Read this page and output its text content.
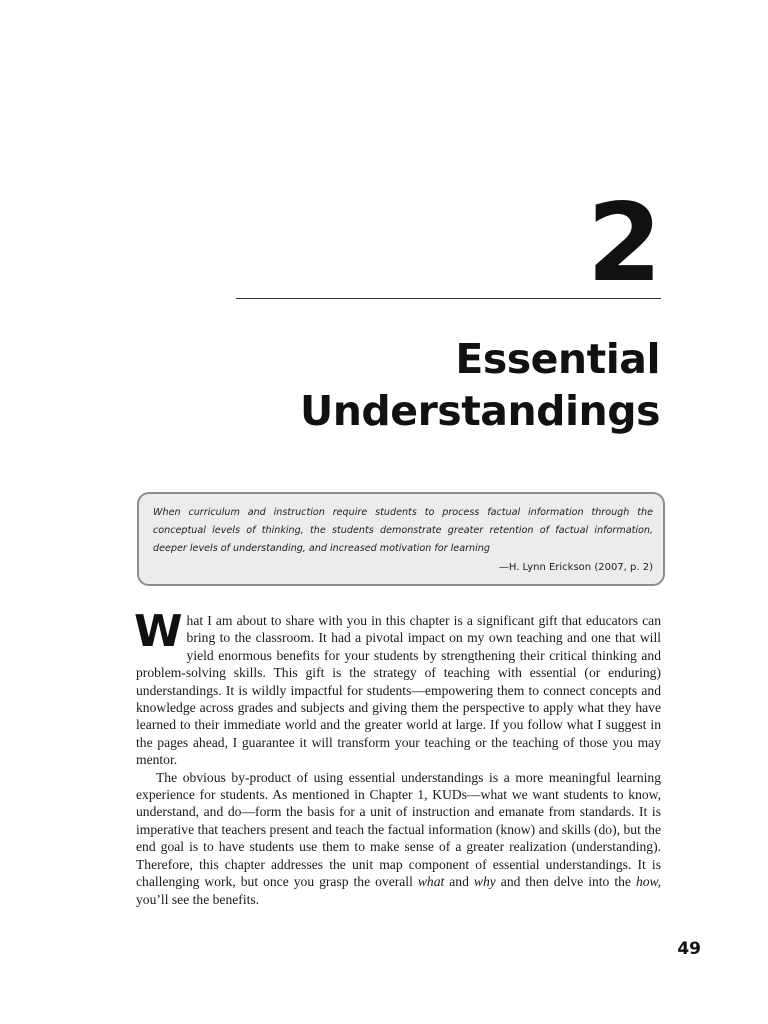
2
Essential
Understandings

When curriculum and instruction require students to process factual information through the conceptual levels of thinking, the students demonstrate greater retention of factual information, deeper levels of understanding, and increased motivation for learning

—H. Lynn Erickson (2007, p. 2)

What I am about to share with you in this chapter is a significant gift that educators can bring to the classroom. It had a pivotal impact on my own teaching and one that will yield enormous benefits for your students by strengthening their critical thinking and problem-solving skills. This gift is the strategy of teaching with essential (or enduring) understandings. It is wildly impactful for students—empowering them to connect concepts and knowledge across grades and subjects and giving them the perspective to apply what they have learned to their immediate world and the greater world at large. If you follow what I suggest in the pages ahead, I guarantee it will transform your teaching or the teaching of those you may mentor.

The obvious by-product of using essential understandings is a more meaningful learning experience for students. As mentioned in Chapter 1, KUDs—what we want students to know, understand, and do—form the basis for a unit of instruction and emanate from standards. It is imperative that teachers present and teach the factual information (know) and skills (do), but the end goal is to have students use them to make sense of a greater realization (understanding). Therefore, this chapter addresses the unit map component of essential understandings. It is challenging work, but once you grasp the overall what and why and then delve into the how, you’ll see the benefits.

49
